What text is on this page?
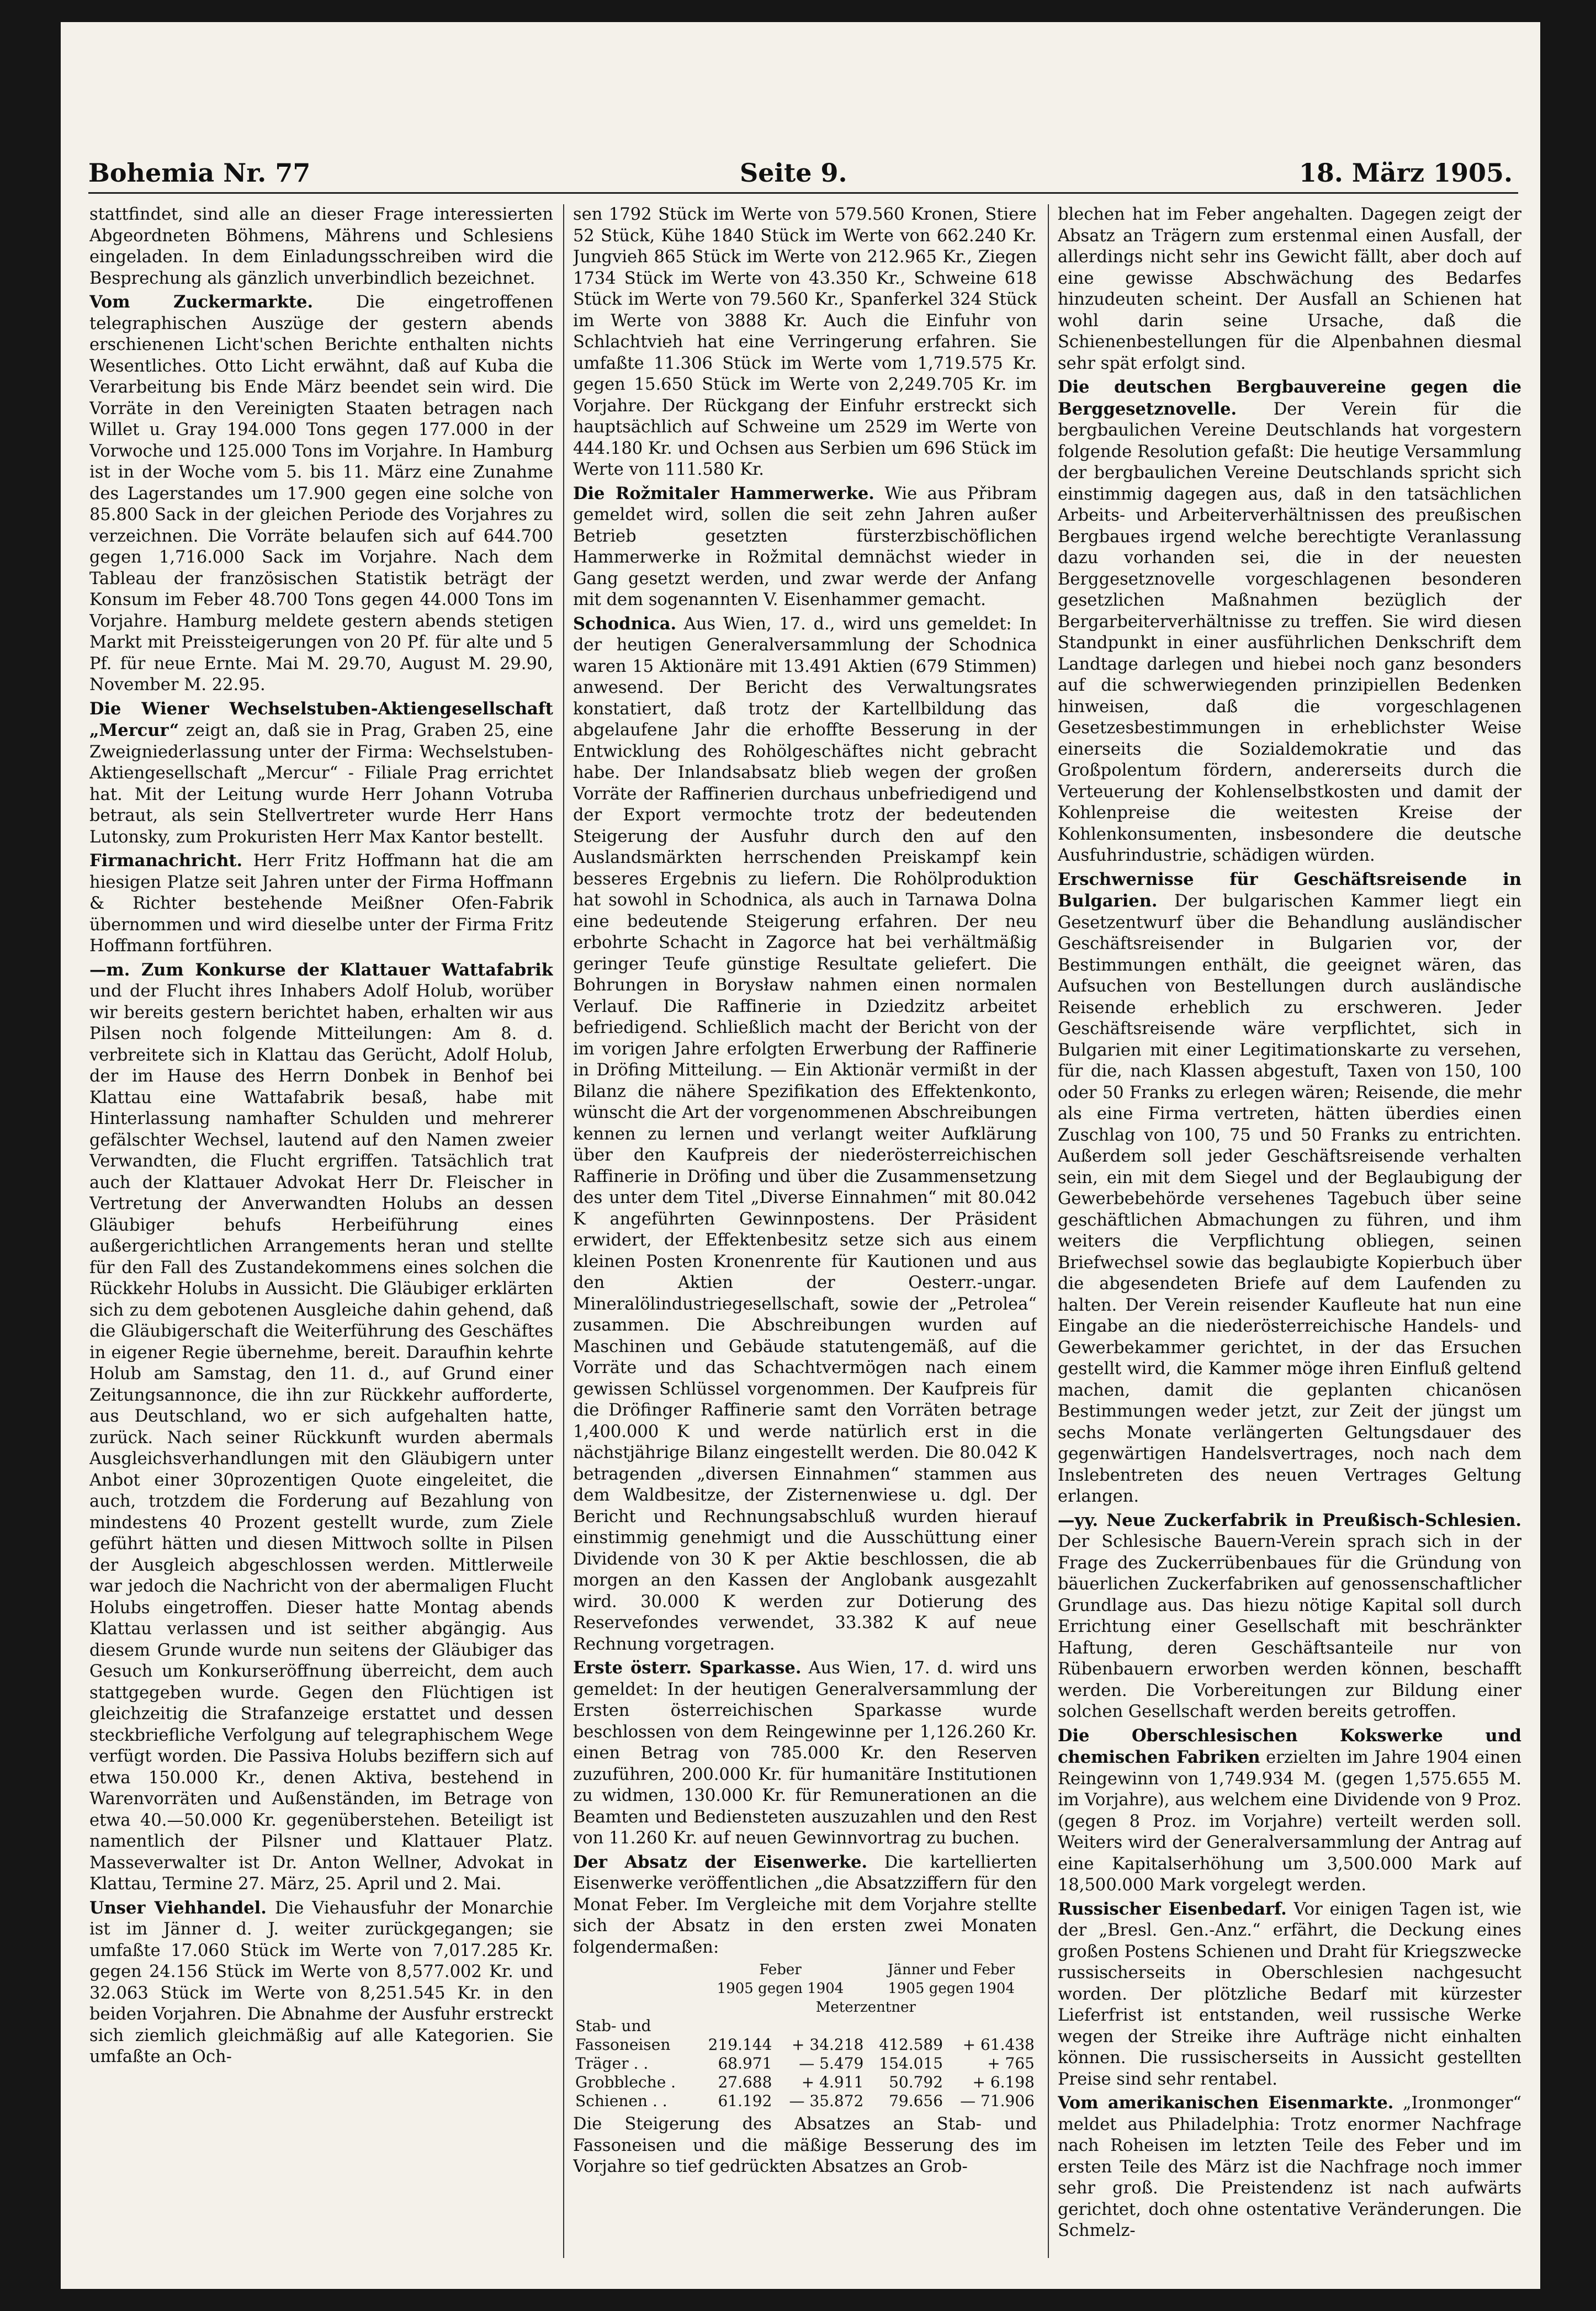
Bohemia Nr. 77	Seite 9.	18. März 1905.

stattfindet, sind alle an dieser Frage interessierten Abgeordneten Böhmens, Mährens und Schlesiens eingeladen. In dem Einladungsschreiben wird die Besprechung als gänzlich unverbindlich bezeichnet.

Vom Zuckermarkte. Die eingetroffenen telegraphischen Auszüge der gestern abends erschienenen Licht'schen Berichte enthalten nichts Wesentliches. Otto Licht erwähnt, daß auf Kuba die Verarbeitung bis Ende März beendet sein wird. Die Vorräte in den Vereinigten Staaten betragen nach Willet u. Gray 194.000 Tons gegen 177.000 in der Vorwoche und 125.000 Tons im Vorjahre. In Hamburg ist in der Woche vom 5. bis 11. März eine Zunahme des Lagerstandes um 17.900 gegen eine solche von 85.800 Sack in der gleichen Periode des Vorjahres zu verzeichnen. Die Vorräte belaufen sich auf 644.700 gegen 1,716.000 Sack im Vorjahre. Nach dem Tableau der französischen Statistik beträgt der Konsum im Feber 48.700 Tons gegen 44.000 Tons im Vorjahre. Hamburg meldete gestern abends stetigen Markt mit Preissteigerungen von 20 Pf. für alte und 5 Pf. für neue Ernte. Mai M. 29.70, August M. 29.90, November M. 22.95.

Die Wiener Wechselstuben-Aktiengesellschaft „Mercur“ zeigt an, daß sie in Prag, Graben 25, eine Zweigniederlassung unter der Firma: Wechselstuben-Aktiengesellschaft „Mercur“ - Filiale Prag errichtet hat. Mit der Leitung wurde Herr Johann Votruba betraut, als sein Stellvertreter wurde Herr Hans Lutonsky, zum Prokuristen Herr Max Kantor bestellt.

Firmanachricht. Herr Fritz Hoffmann hat die am hiesigen Platze seit Jahren unter der Firma Hoffmann & Richter bestehende Meißner Ofen-Fabrik übernommen und wird dieselbe unter der Firma Fritz Hoffmann fortführen.

—m. Zum Konkurse der Klattauer Wattafabrik und der Flucht ihres Inhabers Adolf Holub, worüber wir bereits gestern berichtet haben, erhalten wir aus Pilsen noch folgende Mitteilungen: Am 8. d. verbreitete sich in Klattau das Gerücht, Adolf Holub, der im Hause des Herrn Donbek in Benhof bei Klattau eine Wattafabrik besaß, habe mit Hinterlassung namhafter Schulden und mehrerer gefälschter Wechsel, lautend auf den Namen zweier Verwandten, die Flucht ergriffen. Tatsächlich trat auch der Klattauer Advokat Herr Dr. Fleischer in Vertretung der Anverwandten Holubs an dessen Gläubiger behufs Herbeiführung eines außergerichtlichen Arrangements heran und stellte für den Fall des Zustandekommens eines solchen die Rückkehr Holubs in Aussicht. Die Gläubiger erklärten sich zu dem gebotenen Ausgleiche dahin gehend, daß die Gläubigerschaft die Weiterführung des Geschäftes in eigener Regie übernehme, bereit. Daraufhin kehrte Holub am Samstag, den 11. d., auf Grund einer Zeitungsannonce, die ihn zur Rückkehr aufforderte, aus Deutschland, wo er sich aufgehalten hatte, zurück. Nach seiner Rückkunft wurden abermals Ausgleichsverhandlungen mit den Gläubigern unter Anbot einer 30prozentigen Quote eingeleitet, die auch, trotzdem die Forderung auf Bezahlung von mindestens 40 Prozent gestellt wurde, zum Ziele geführt hätten und diesen Mittwoch sollte in Pilsen der Ausgleich abgeschlossen werden. Mittlerweile war jedoch die Nachricht von der abermaligen Flucht Holubs eingetroffen. Dieser hatte Montag abends Klattau verlassen und ist seither abgängig. Aus diesem Grunde wurde nun seitens der Gläubiger das Gesuch um Konkurseröffnung überreicht, dem auch stattgegeben wurde. Gegen den Flüchtigen ist gleichzeitig die Strafanzeige erstattet und dessen steckbriefliche Verfolgung auf telegraphischem Wege verfügt worden. Die Passiva Holubs beziffern sich auf etwa 150.000 Kr., denen Aktiva, bestehend in Warenvorräten und Außenständen, im Betrage von etwa 40.—50.000 Kr. gegenüberstehen. Beteiligt ist namentlich der Pilsner und Klattauer Platz. Masseverwalter ist Dr. Anton Wellner, Advokat in Klattau, Termine 27. März, 25. April und 2. Mai.

Unser Viehhandel. Die Viehausfuhr der Monarchie ist im Jänner d. J. weiter zurückgegangen; sie umfaßte 17.060 Stück im Werte von 7,017.285 Kr. gegen 24.156 Stück im Werte von 8,577.002 Kr. und 32.063 Stück im Werte von 8,251.545 Kr. in den beiden Vorjahren. Die Abnahme der Ausfuhr erstreckt sich ziemlich gleichmäßig auf alle Kategorien. Sie umfaßte an Och-

sen 1792 Stück im Werte von 579.560 Kronen, Stiere 52 Stück, Kühe 1840 Stück im Werte von 662.240 Kr. Jungvieh 865 Stück im Werte von 212.965 Kr., Ziegen 1734 Stück im Werte von 43.350 Kr., Schweine 618 Stück im Werte von 79.560 Kr., Spanferkel 324 Stück im Werte von 3888 Kr. Auch die Einfuhr von Schlachtvieh hat eine Verringerung erfahren. Sie umfaßte 11.306 Stück im Werte vom 1,719.575 Kr. gegen 15.650 Stück im Werte von 2,249.705 Kr. im Vorjahre. Der Rückgang der Einfuhr erstreckt sich hauptsächlich auf Schweine um 2529 im Werte von 444.180 Kr. und Ochsen aus Serbien um 696 Stück im Werte von 111.580 Kr.

Die Rožmitaler Hammerwerke. Wie aus Přibram gemeldet wird, sollen die seit zehn Jahren außer Betrieb gesetzten fürsterzbischöflichen Hammerwerke in Rožmital demnächst wieder in Gang gesetzt werden, und zwar werde der Anfang mit dem sogenannten V. Eisenhammer gemacht.

Schodnica. Aus Wien, 17. d., wird uns gemeldet: In der heutigen Generalversammlung der Schodnica waren 15 Aktionäre mit 13.491 Aktien (679 Stimmen) anwesend. Der Bericht des Verwaltungsrates konstatiert, daß trotz der Kartellbildung das abgelaufene Jahr die erhoffte Besserung in der Entwicklung des Rohölgeschäftes nicht gebracht habe. Der Inlandsabsatz blieb wegen der großen Vorräte der Raffinerien durchaus unbefriedigend und der Export vermochte trotz der bedeutenden Steigerung der Ausfuhr durch den auf den Auslandsmärkten herrschenden Preiskampf kein besseres Ergebnis zu liefern. Die Rohölproduktion hat sowohl in Schodnica, als auch in Tarnawa Dolna eine bedeutende Steigerung erfahren. Der neu erbohrte Schacht in Zagorce hat bei verhältmäßig geringer Teufe günstige Resultate geliefert. Die Bohrungen in Borysław nahmen einen normalen Verlauf. Die Raffinerie in Dziedzitz arbeitet befriedigend. Schließlich macht der Bericht von der im vorigen Jahre erfolgten Erwerbung der Raffinerie in Dröfing Mitteilung. — Ein Aktionär vermißt in der Bilanz die nähere Spezifikation des Effektenkonto, wünscht die Art der vorgenommenen Abschreibungen kennen zu lernen und verlangt weiter Aufklärung über den Kaufpreis der niederösterreichischen Raffinerie in Dröfing und über die Zusammensetzung des unter dem Titel „Diverse Einnahmen“ mit 80.042 K angeführten Gewinnpostens. Der Präsident erwidert, der Effektenbesitz setze sich aus einem kleinen Posten Kronenrente für Kautionen und aus den Aktien der Oesterr.-ungar. Mineralölindustriegesellschaft, sowie der „Petrolea“ zusammen. Die Abschreibungen wurden auf Maschinen und Gebäude statutengemäß, auf die Vorräte und das Schachtvermögen nach einem gewissen Schlüssel vorgenommen. Der Kaufpreis für die Dröfinger Raffinerie samt den Vorräten betrage 1,400.000 K und werde natürlich erst in die nächstjährige Bilanz eingestellt werden. Die 80.042 K betragenden „diversen Einnahmen“ stammen aus dem Waldbesitze, der Zisternenwiese u. dgl. Der Bericht und Rechnungsabschluß wurden hierauf einstimmig genehmigt und die Ausschüttung einer Dividende von 30 K per Aktie beschlossen, die ab morgen an den Kassen der Anglobank ausgezahlt wird. 30.000 K werden zur Dotierung des Reservefondes verwendet, 33.382 K auf neue Rechnung vorgetragen.

Erste österr. Sparkasse. Aus Wien, 17. d. wird uns gemeldet: In der heutigen Generalversammlung der Ersten österreichischen Sparkasse wurde beschlossen von dem Reingewinne per 1,126.260 Kr. einen Betrag von 785.000 Kr. den Reserven zuzuführen, 200.000 Kr. für humanitäre Institutionen zu widmen, 130.000 Kr. für Remunerationen an die Beamten und Bediensteten auszuzahlen und den Rest von 11.260 Kr. auf neuen Gewinnvortrag zu buchen.

Der Absatz der Eisenwerke. Die kartellierten Eisenwerke veröffentlichen „die Absatzziffern für den Monat Feber. Im Vergleiche mit dem Vorjahre stellte sich der Absatz in den ersten zwei Monaten folgendermaßen:

	Feber		Jänner und Feber	
	1905 gegen 1904		1905 gegen 1904	
	Meterzentner			
Stab- und				
Fassoneisen	219.144	+ 34.218	412.589	+ 61.438
Träger . .	68.971	— 5.479	154.015	+ 765
Grobbleche .	27.688	+ 4.911	50.792	+ 6.198
Schienen . .	61.192	— 35.872	79.656	— 71.906

Die Steigerung des Absatzes an Stab- und Fassoneisen und die mäßige Besserung des im Vorjahre so tief gedrückten Absatzes an Grob-

blechen hat im Feber angehalten. Dagegen zeigt der Absatz an Trägern zum erstenmal einen Ausfall, der allerdings nicht sehr ins Gewicht fällt, aber doch auf eine gewisse Abschwächung des Bedarfes hinzudeuten scheint. Der Ausfall an Schienen hat wohl darin seine Ursache, daß die Schienenbestellungen für die Alpenbahnen diesmal sehr spät erfolgt sind.

Die deutschen Bergbauvereine gegen die Berggesetznovelle. Der Verein für die bergbaulichen Vereine Deutschlands hat vorgestern folgende Resolution gefaßt: Die heutige Versammlung der bergbaulichen Vereine Deutschlands spricht sich einstimmig dagegen aus, daß in den tatsächlichen Arbeits- und Arbeiterverhältnissen des preußischen Bergbaues irgend welche berechtigte Veranlassung dazu vorhanden sei, die in der neuesten Berggesetznovelle vorgeschlagenen besonderen gesetzlichen Maßnahmen bezüglich der Bergarbeiterverhältnisse zu treffen. Sie wird diesen Standpunkt in einer ausführlichen Denkschrift dem Landtage darlegen und hiebei noch ganz besonders auf die schwerwiegenden prinzipiellen Bedenken hinweisen, daß die vorgeschlagenen Gesetzesbestimmungen in erheblichster Weise einerseits die Sozialdemokratie und das Großpolentum fördern, andererseits durch die Verteuerung der Kohlenselbstkosten und damit der Kohlenpreise die weitesten Kreise der Kohlenkonsumenten, insbesondere die deutsche Ausfuhrindustrie, schädigen würden.

Erschwernisse für Geschäftsreisende in Bulgarien. Der bulgarischen Kammer liegt ein Gesetzentwurf über die Behandlung ausländischer Geschäftsreisender in Bulgarien vor, der Bestimmungen enthält, die geeignet wären, das Aufsuchen von Bestellungen durch ausländische Reisende erheblich zu erschweren. Jeder Geschäftsreisende wäre verpflichtet, sich in Bulgarien mit einer Legitimationskarte zu versehen, für die, nach Klassen abgestuft, Taxen von 150, 100 oder 50 Franks zu erlegen wären; Reisende, die mehr als eine Firma vertreten, hätten überdies einen Zuschlag von 100, 75 und 50 Franks zu entrichten. Außerdem soll jeder Geschäftsreisende verhalten sein, ein mit dem Siegel und der Beglaubigung der Gewerbebehörde versehenes Tagebuch über seine geschäftlichen Abmachungen zu führen, und ihm weiters die Verpflichtung obliegen, seinen Briefwechsel sowie das beglaubigte Kopierbuch über die abgesendeten Briefe auf dem Laufenden zu halten. Der Verein reisender Kaufleute hat nun eine Eingabe an die niederösterreichische Handels- und Gewerbekammer gerichtet, in der das Ersuchen gestellt wird, die Kammer möge ihren Einfluß geltend machen, damit die geplanten chicanösen Bestimmungen weder jetzt, zur Zeit der jüngst um sechs Monate verlängerten Geltungsdauer des gegenwärtigen Handelsvertrages, noch nach dem Inslebentreten des neuen Vertrages Geltung erlangen.

—yy. Neue Zuckerfabrik in Preußisch-Schlesien. Der Schlesische Bauern-Verein sprach sich in der Frage des Zuckerrübenbaues für die Gründung von bäuerlichen Zuckerfabriken auf genossenschaftlicher Grundlage aus. Das hiezu nötige Kapital soll durch Errichtung einer Gesellschaft mit beschränkter Haftung, deren Geschäftsanteile nur von Rübenbauern erworben werden können, beschafft werden. Die Vorbereitungen zur Bildung einer solchen Gesellschaft werden bereits getroffen.

Die Oberschlesischen Kokswerke und chemischen Fabriken erzielten im Jahre 1904 einen Reingewinn von 1,749.934 M. (gegen 1,575.655 M. im Vorjahre), aus welchem eine Dividende von 9 Proz. (gegen 8 Proz. im Vorjahre) verteilt werden soll. Weiters wird der Generalversammlung der Antrag auf eine Kapitalserhöhung um 3,500.000 Mark auf 18,500.000 Mark vorgelegt werden.

Russischer Eisenbedarf. Vor einigen Tagen ist, wie der „Bresl. Gen.-Anz.“ erfährt, die Deckung eines großen Postens Schienen und Draht für Kriegszwecke russischerseits in Oberschlesien nachgesucht worden. Der plötzliche Bedarf mit kürzester Lieferfrist ist entstanden, weil russische Werke wegen der Streike ihre Aufträge nicht einhalten können. Die russischerseits in Aussicht gestellten Preise sind sehr rentabel.

Vom amerikanischen Eisenmarkte. „Ironmonger“ meldet aus Philadelphia: Trotz enormer Nachfrage nach Roheisen im letzten Teile des Feber und im ersten Teile des März ist die Nachfrage noch immer sehr groß. Die Preistendenz ist nach aufwärts gerichtet, doch ohne ostentative Veränderungen. Die Schmelz-
